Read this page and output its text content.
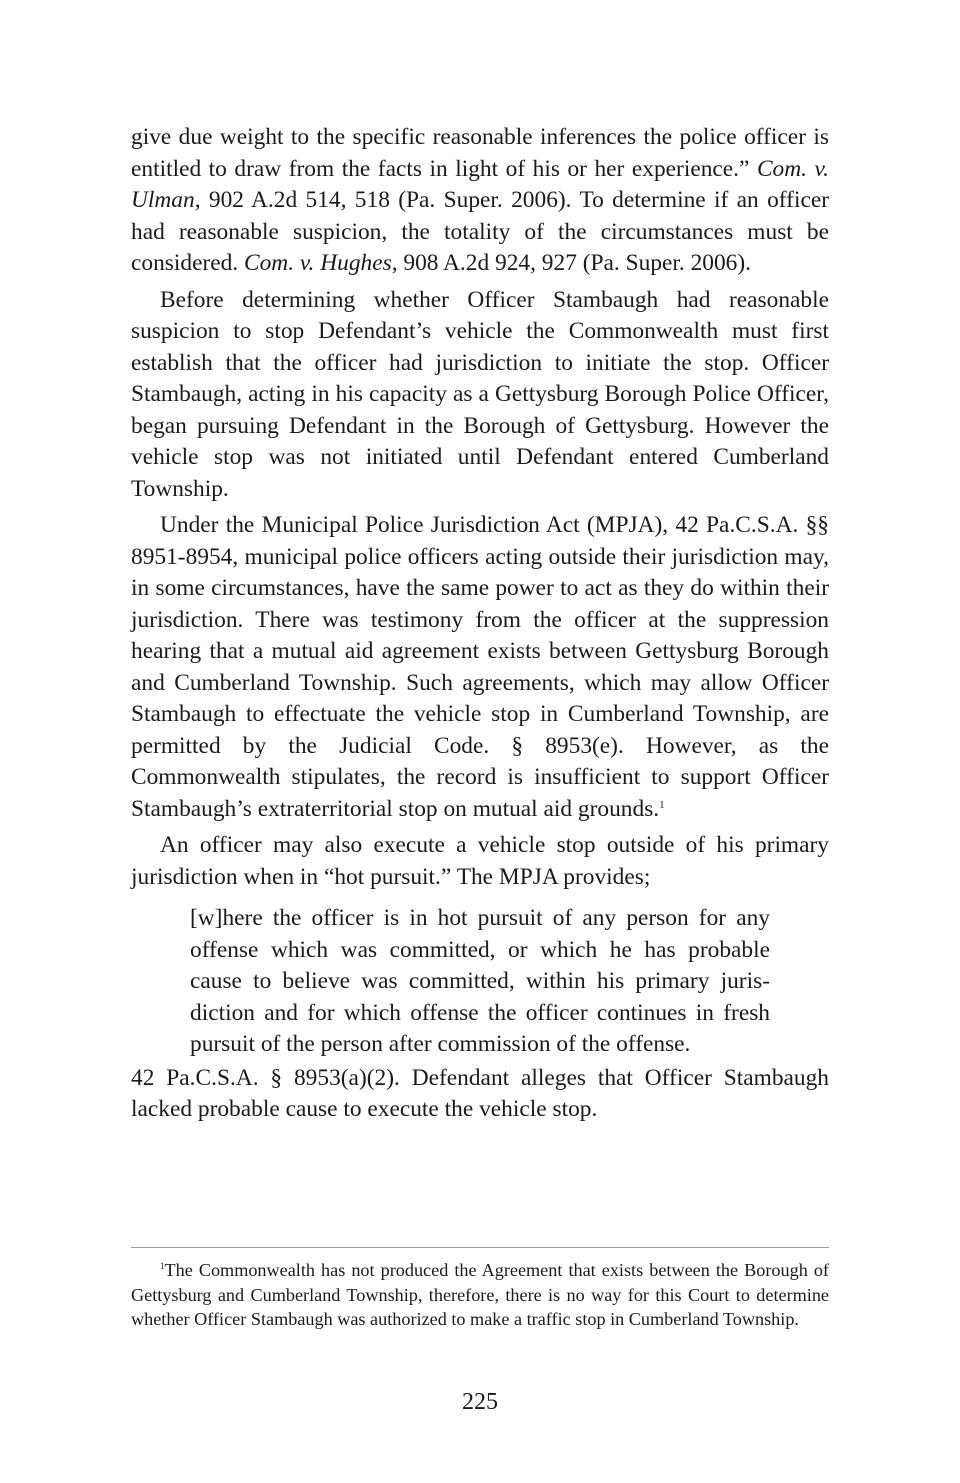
give due weight to the specific reasonable inferences the police officer is entitled to draw from the facts in light of his or her experience.” Com. v. Ulman, 902 A.2d 514, 518 (Pa. Super. 2006). To determine if an officer had reasonable suspicion, the totality of the circumstances must be considered. Com. v. Hughes, 908 A.2d 924, 927 (Pa. Super. 2006).

Before determining whether Officer Stambaugh had reasonable suspicion to stop Defendant’s vehicle the Commonwealth must first establish that the officer had jurisdiction to initiate the stop. Officer Stambaugh, acting in his capacity as a Gettysburg Borough Police Officer, began pursuing Defendant in the Borough of Gettysburg. However the vehicle stop was not initiated until Defendant entered Cumberland Township.

Under the Municipal Police Jurisdiction Act (MPJA), 42 Pa.C.S.A. §§ 8951-8954, municipal police officers acting outside their jurisdiction may, in some circumstances, have the same power to act as they do within their jurisdiction. There was testimony from the officer at the suppression hearing that a mutual aid agreement exists between Gettysburg Borough and Cumberland Township. Such agreements, which may allow Officer Stambaugh to effectuate the vehicle stop in Cumberland Township, are permitted by the Judicial Code. § 8953(e). However, as the Commonwealth stipulates, the record is insufficient to support Officer Stambaugh’s extraterritorial stop on mutual aid grounds.$^1$

An officer may also execute a vehicle stop outside of his primary jurisdiction when in “hot pursuit.” The MPJA provides;

[w]here the officer is in hot pursuit of any person for any offense which was committed, or which he has probable cause to believe was committed, within his primary jurisdiction and for which offense the officer continues in fresh pursuit of the person after commission of the offense.

42 Pa.C.S.A. § 8953(a)(2). Defendant alleges that Officer Stambaugh lacked probable cause to execute the vehicle stop.

$^1$The Commonwealth has not produced the Agreement that exists between the Borough of Gettysburg and Cumberland Township, therefore, there is no way for this Court to determine whether Officer Stambaugh was authorized to make a traffic stop in Cumberland Township.

225
